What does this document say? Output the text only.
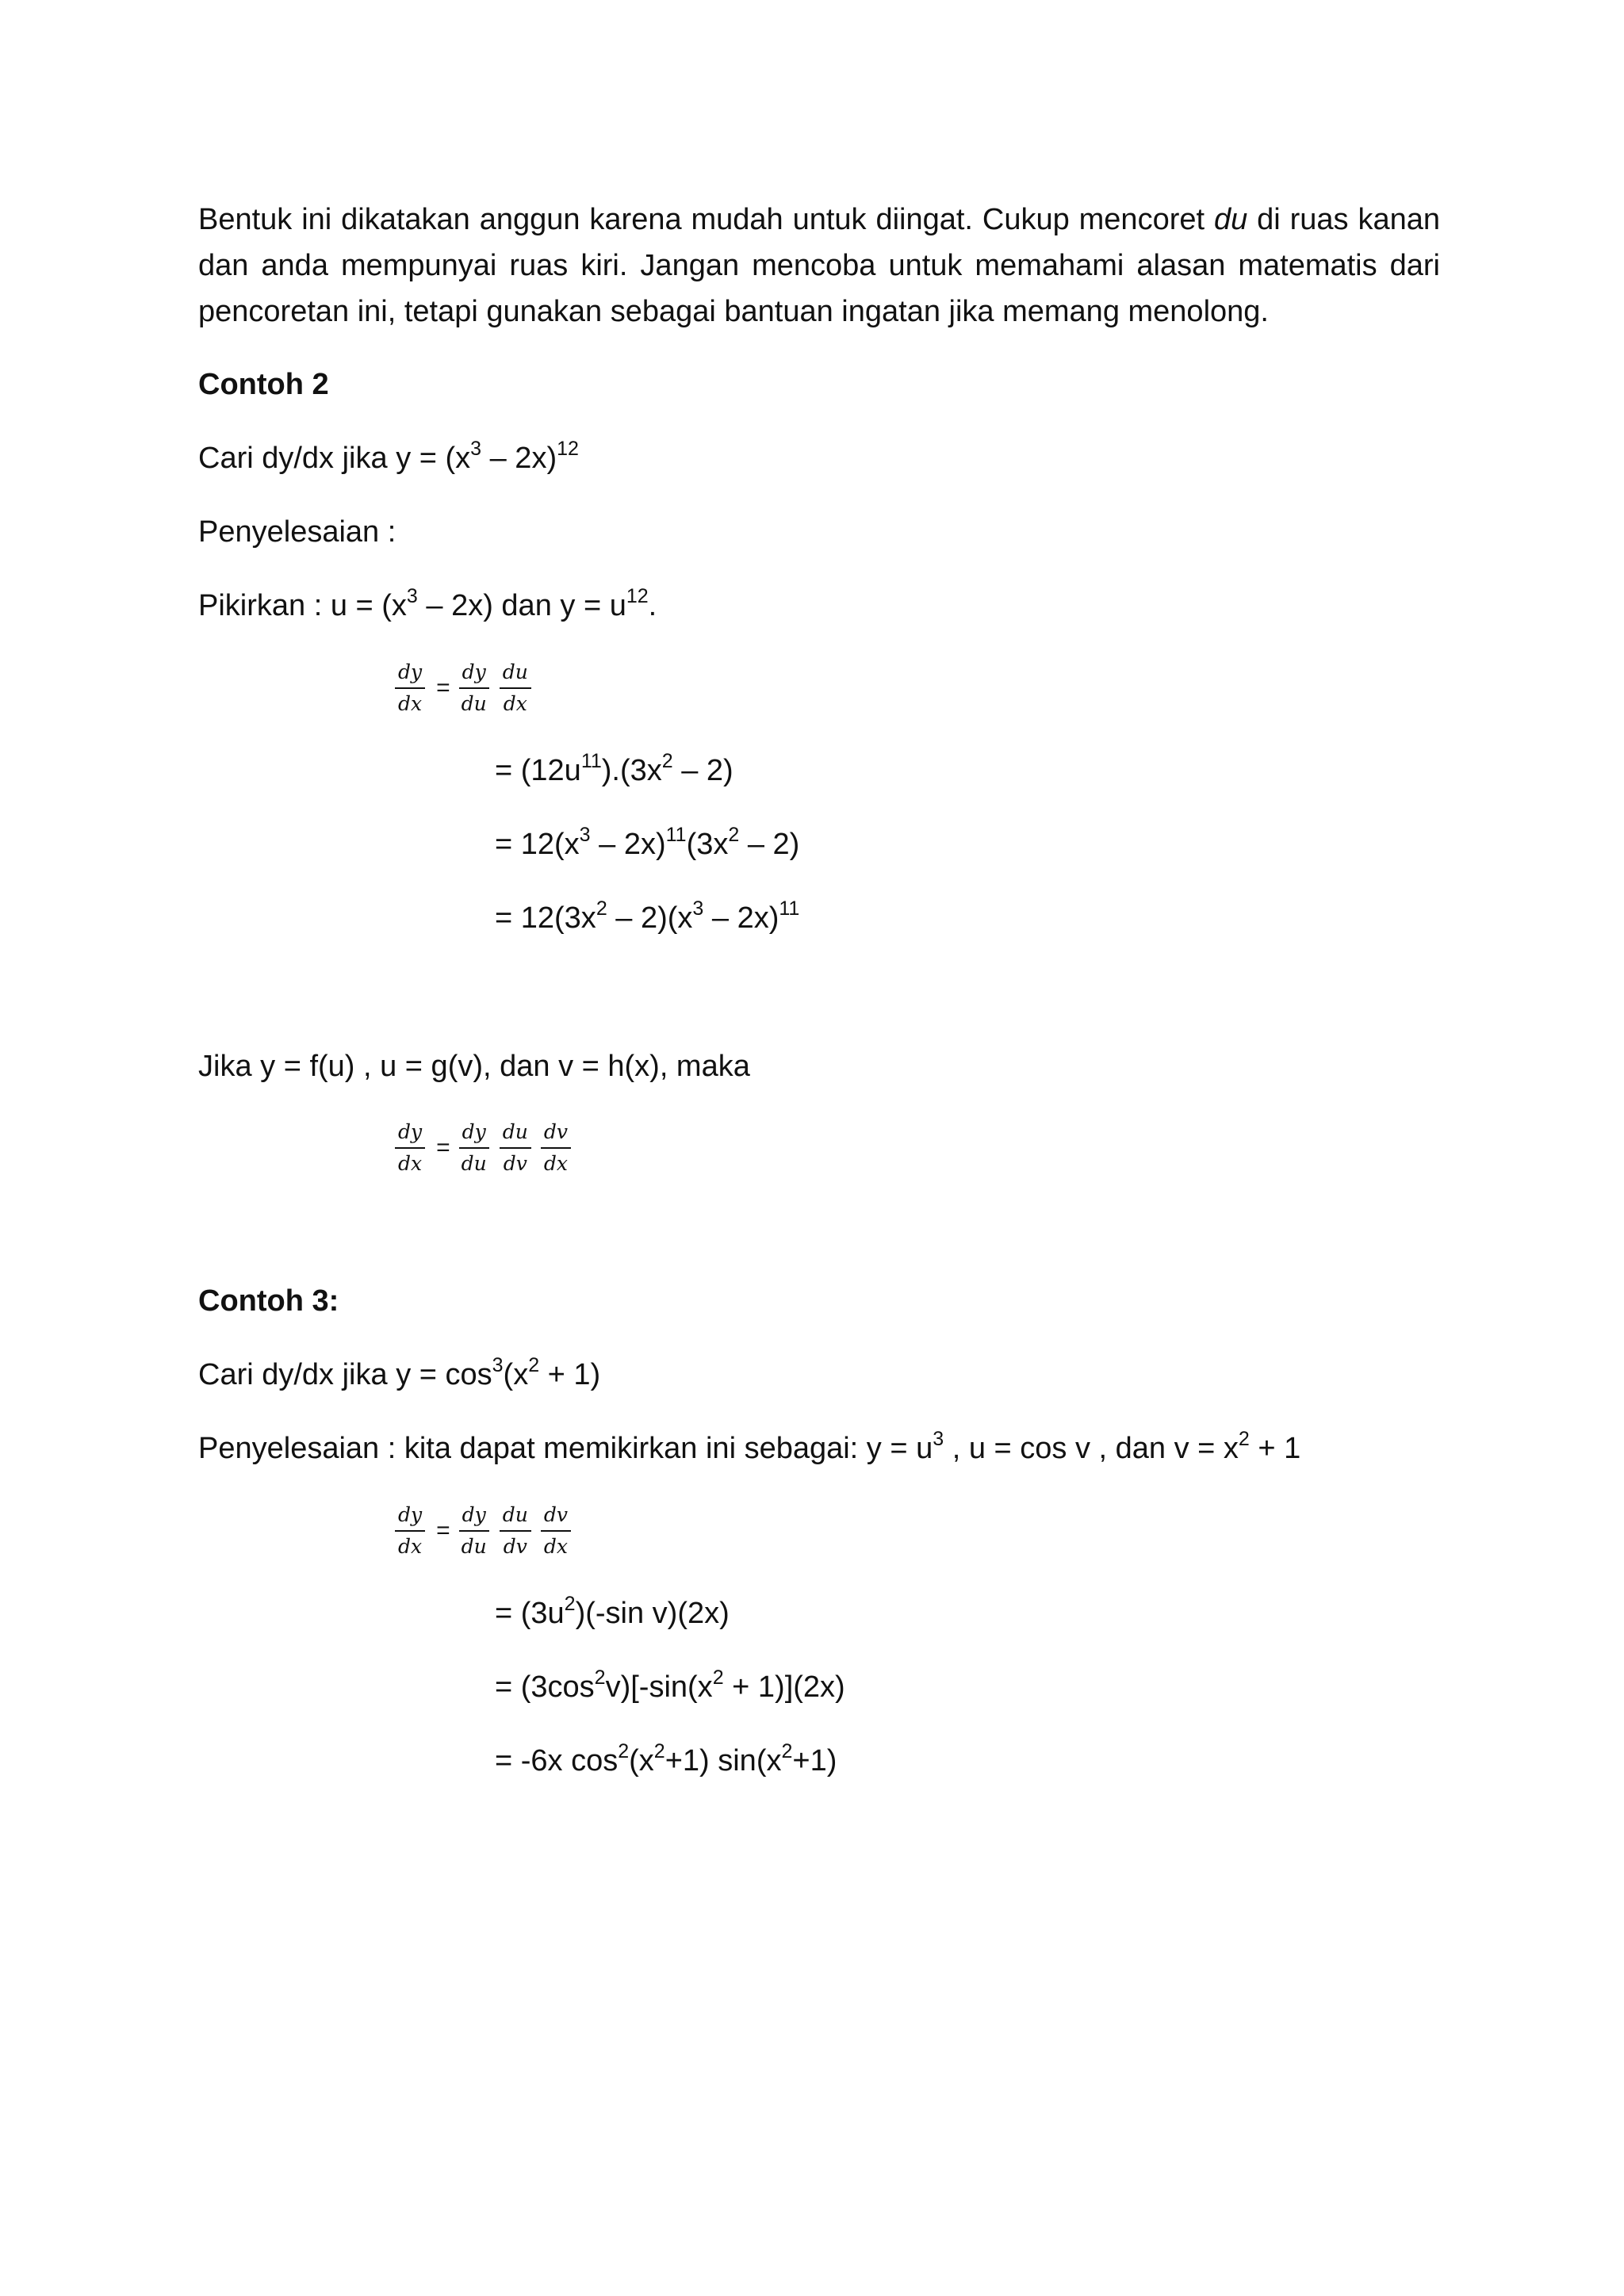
Bentuk ini dikatakan anggun karena mudah untuk diingat. Cukup mencoret du di ruas kanan dan anda mempunyai ruas kiri. Jangan mencoba untuk memahami alasan matematis dari pencoretan ini, tetapi gunakan sebagai bantuan ingatan jika memang menolong.

Contoh 2

Cari dy/dx jika $y = (x^3 - 2x)^{12}$

Penyelesaian :

Pikirkan : $u = (x^3 - 2x)$ dan $y = u^{12}$.

$\frac{dy}{dx} = \frac{dy}{du} \frac{du}{dx}$

= $(12u^{11}).(3x^2 - 2)$

= $12(x^3 - 2x)^{11}(3x^2 - 2)$

= $12(3x^2 - 2)(x^3 - 2x)^{11}$

Jika y = f(u) , u = g(v), dan v = h(x), maka

$\frac{dy}{dx} = \frac{dy}{du} \frac{du}{dv} \frac{dv}{dx}$

Contoh 3:

Cari dy/dx jika $y = \cos^3(x^2 + 1)$

Penyelesaian : kita dapat memikirkan ini sebagai: $y = u^3$ , u = cos v , dan $v = x^2 + 1$

$\frac{dy}{dx} = \frac{dy}{du} \frac{du}{dv} \frac{dv}{dx}$

= $(3u^2)(-\sin$ v)(2x)

= $(3\cos^2v)[-\sin(x^2 + 1)](2x)$

= -6x $\cos^2(x^2+1)$ $\sin(x^2+1)$
